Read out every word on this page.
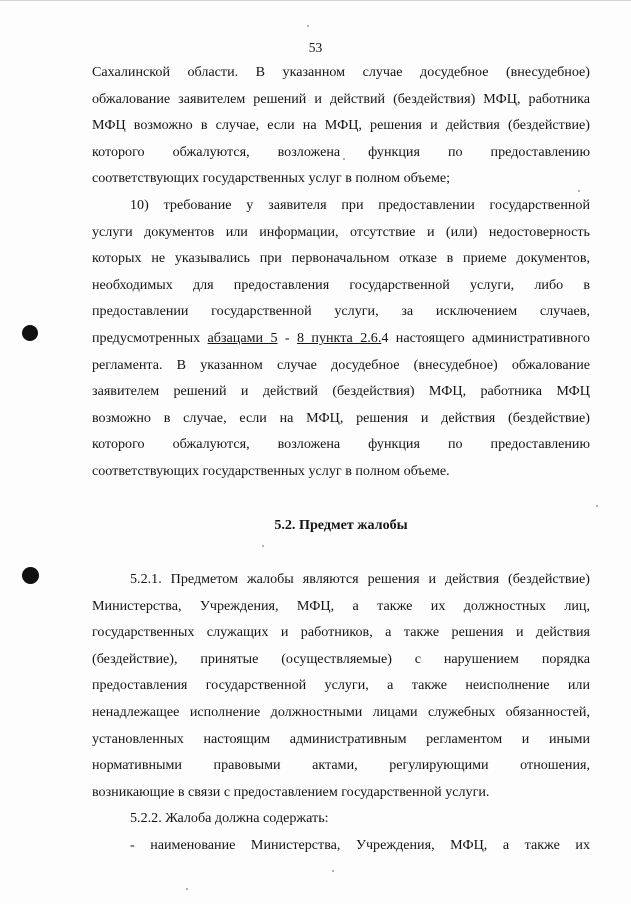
53

Сахалинской области. В указанном случае досудебное (внесудебное)

обжалование заявителем решений и действий (бездействия) МФЦ, работника

МФЦ возможно в случае, если на МФЦ, решения и действия (бездействие)

которого обжалуются, возложена функция по предоставлению

соответствующих государственных услуг в полном объеме;

10) требование у заявителя при предоставлении государственной

услуги документов или информации, отсутствие и (или) недостоверность

которых не указывались при первоначальном отказе в приеме документов,

необходимых для предоставления государственной услуги, либо в

предоставлении государственной услуги, за исключением случаев,

предусмотренных абзацами 5 - 8 пункта 2.6.4 настоящего административного

регламента. В указанном случае досудебное (внесудебное) обжалование

заявителем решений и действий (бездействия) МФЦ, работника МФЦ

возможно в случае, если на МФЦ, решения и действия (бездействие)

которого обжалуются, возложена функция по предоставлению

соответствующих государственных услуг в полном объеме.

5.2. Предмет жалобы

5.2.1. Предметом жалобы являются решения и действия (бездействие)

Министерства, Учреждения, МФЦ, а также их должностных лиц,

государственных служащих и работников, а также решения и действия

(бездействие), принятые (осуществляемые) с нарушением порядка

предоставления государственной услуги, а также неисполнение или

ненадлежащее исполнение должностными лицами служебных обязанностей,

установленных настоящим административным регламентом и иными

нормативными правовыми актами, регулирующими отношения,

возникающие в связи с предоставлением государственной услуги.

5.2.2. Жалоба должна содержать:

- наименование Министерства, Учреждения, МФЦ, а также их
